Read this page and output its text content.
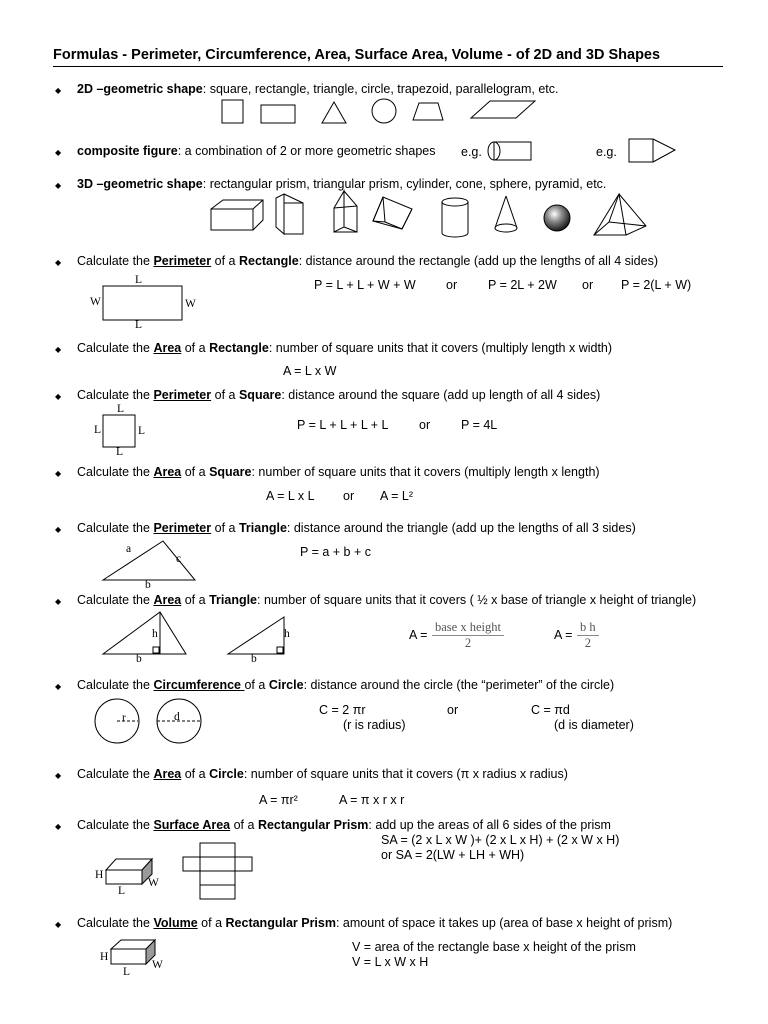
Formulas - Perimeter, Circumference, Area, Surface Area, Volume - of 2D and 3D Shapes
◆
◆
◆
◆
◆
◆
◆
◆
◆
◆
◆
◆
◆
2D –geometric shape: square, rectangle, triangle, circle, trapezoid, parallelogram, etc.
composite figure: a combination of 2 or more geometric shapes e.g.	e.g.
3D –geometric shape: rectangular prism, triangular prism, cylinder, cone, sphere, pyramid, etc.
Calculate the Perimeter of a Rectangle: distance around the rectangle (add up the lengths of all 4 sides)
P = L + L + W + W or P = 2L + 2W or P = 2(L + W)
L
L
W	W
Calculate the Area of a Rectangle: number of square units that it covers (multiply length x width)
A = L x W
Calculate the Perimeter of a Square: distance around the square (add up length of all 4 sides)
P = L + L + L + L or P = 4L
L
L
L	L
Calculate the Area of a Square: number of square units that it covers (multiply length x length)
A = L x L or A = L²
Calculate the Perimeter of a Triangle: distance around the triangle (add up the lengths of all 3 sides)
P = a + b + c
a
c
b
Calculate the Area of a Triangle: number of square units that it covers ( ½ x base of triangle x height of triangle)
A =
base x height
2
$A = \frac{\text{b h}}{2}$
h
b
h
b
Calculate the Circumference of a Circle: distance around the circle (the “perimeter” of the circle)
C = 2 πr
(r is radius)
or	C = πd
(d is diameter)
r	d
Calculate the Area of a Circle: number of square units that it covers (π x radius x radius)
A = πr²	A = π x r x r
Calculate the Surface Area of a Rectangular Prism: add up the areas of all 6 sides of the prism
SA = (2 x L x W )+ (2 x L x H) + (2 x W x H)
or SA = 2(LW + LH + WH)
H
L
W
Calculate the Volume of a Rectangular Prism: amount of space it takes up (area of base x height of prism)
V = area of the rectangle base x height of the prism
V = L x W x H
H
L
W
